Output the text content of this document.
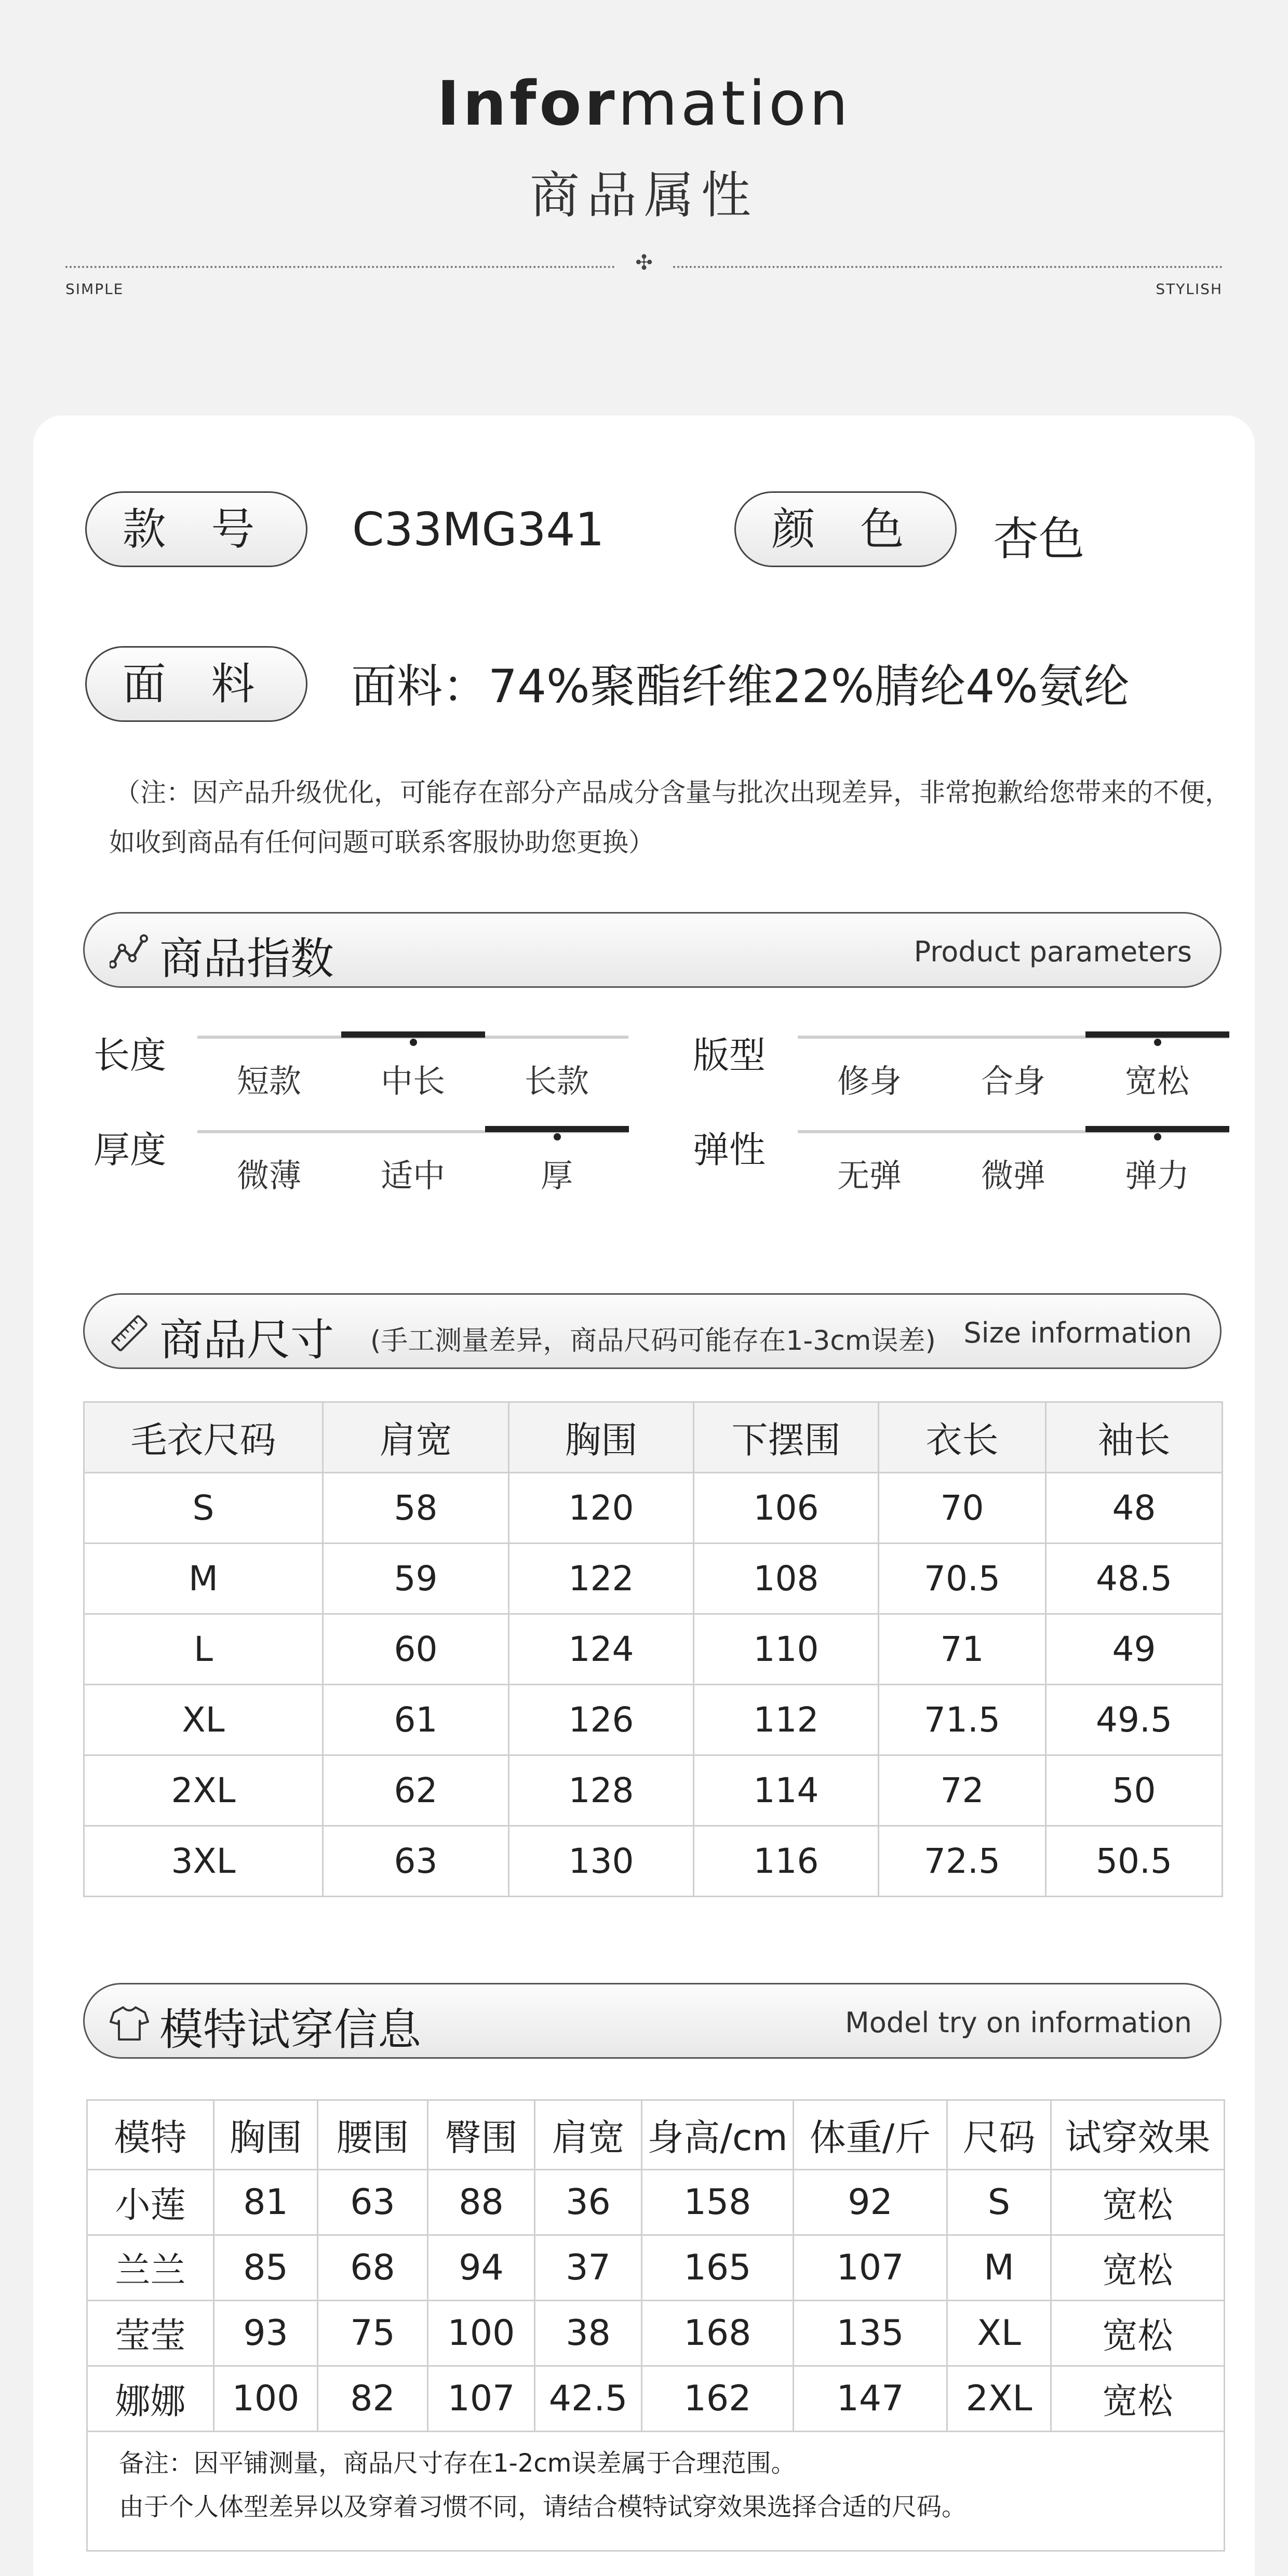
Information
商品属性
✣
SIMPLE	STYLISH
款 号	C33MG341	颜 色	杏色
面 料	面料：74%聚酯纤维22%腈纶4%氨纶
（注：因产品升级优化，可能存在部分产品成分含量与批次出现差异，非常抱歉给您带来的不便，
如收到商品有任何问题可联系客服协助您更换）
商品指数	Product parameters
长度
短款	中长	长款
版型
修身	合身	宽松
厚度
微薄	适中	厚
弹性
无弹	微弹	弹力
商品尺寸 (手工测量差异，商品尺码可能存在1-3cm误差) Size information
毛衣尺码	肩宽	胸围	下摆围	衣长	袖长
S	58	120	106	70	48
M	59	122	108	70.5	48.5
L	60	124	110	71	49
XL	61	126	112	71.5	49.5
2XL	62	128	114	72	50
3XL	63	130	116	72.5	50.5
模特试穿信息	Model try on information
模特	胸围	腰围	臀围	肩宽	身高/cm	体重/斤	尺码	试穿效果
小莲	81	63	88	36	158	92	S	宽松
兰兰	85	68	94	37	165	107	M	宽松
莹莹	93	75	100	38	168	135	XL	宽松
娜娜	100	82	107	42.5	162	147	2XL	宽松

备注：因平铺测量，商品尺寸存在1-2cm误差属于合理范围。
由于个人体型差异以及穿着习惯不同，请结合模特试穿效果选择合适的尺码。								
